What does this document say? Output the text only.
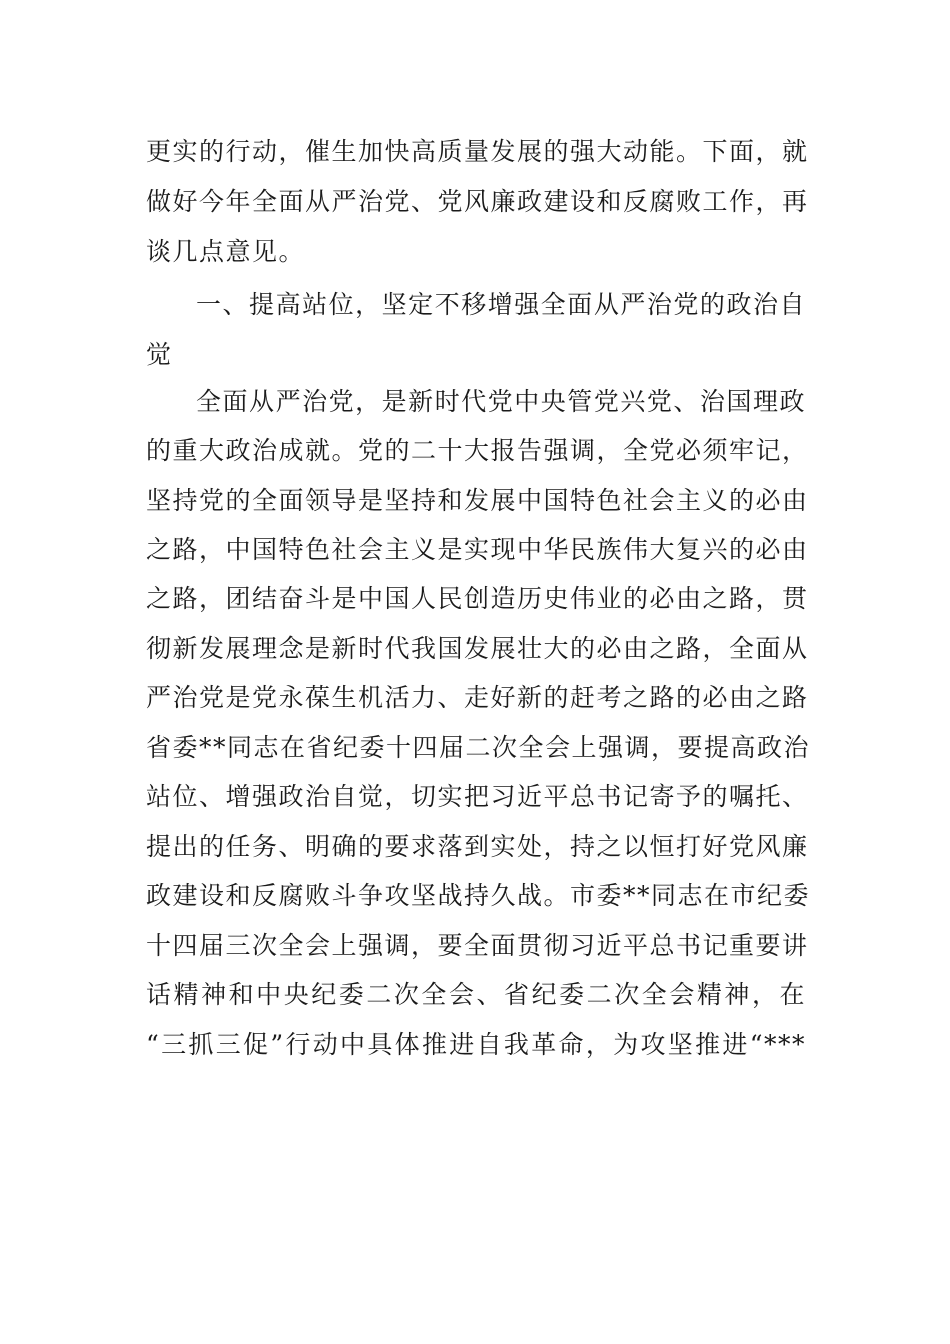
更实的行动，催生加快高质量发展的强大动能。下面，就
做好今年全面从严治党、党风廉政建设和反腐败工作，再
谈几点意见。
一、提高站位，坚定不移增强全面从严治党的政治自
觉
全面从严治党，是新时代党中央管党兴党、治国理政
的重大政治成就。党的二十大报告强调，全党必须牢记，
坚持党的全面领导是坚持和发展中国特色社会主义的必由
之路，中国特色社会主义是实现中华民族伟大复兴的必由
之路，团结奋斗是中国人民创造历史伟业的必由之路，贯
彻新发展理念是新时代我国发展壮大的必由之路，全面从
严治党是党永葆生机活力、走好新的赶考之路的必由之路
省委**同志在省纪委十四届二次全会上强调，要提高政治
站位、增强政治自觉，切实把习近平总书记寄予的嘱托、
提出的任务、明确的要求落到实处，持之以恒打好党风廉
政建设和反腐败斗争攻坚战持久战。市委**同志在市纪委
十四届三次全会上强调，要全面贯彻习近平总书记重要讲
话精神和中央纪委二次全会、省纪委二次全会精神，在
“三抓三促”行动中具体推进自我革命，为攻坚推进“***
